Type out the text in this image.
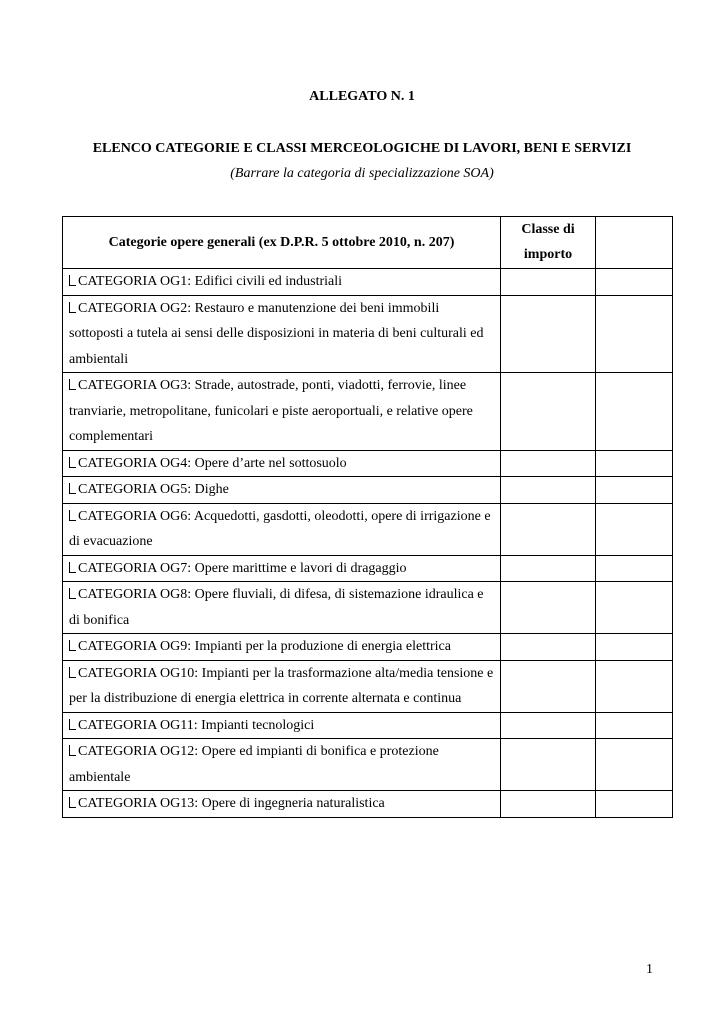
ALLEGATO N. 1
ELENCO CATEGORIE E CLASSI MERCEOLOGICHE DI LAVORI, BENI E SERVIZI

(Barrare la categoria di specializzazione SOA)

Categorie opere generali (ex D.P.R. 5 ottobre 2010, n. 207)	Classe di
importo	
CATEGORIA OG1: Edifici civili ed industriali		
CATEGORIA OG2: Restauro e manutenzione dei beni immobili sottoposti a tutela ai sensi delle disposizioni in materia di beni culturali ed ambientali		
CATEGORIA OG3: Strade, autostrade, ponti, viadotti, ferrovie, linee tranviarie, metropolitane, funicolari e piste aeroportuali, e relative opere complementari		
CATEGORIA OG4: Opere d’arte nel sottosuolo		
CATEGORIA OG5: Dighe		
CATEGORIA OG6: Acquedotti, gasdotti, oleodotti, opere di irrigazione e di evacuazione		
CATEGORIA OG7: Opere marittime e lavori di dragaggio		
CATEGORIA OG8: Opere fluviali, di difesa, di sistemazione idraulica e di bonifica		
CATEGORIA OG9: Impianti per la produzione di energia elettrica		
CATEGORIA OG10: Impianti per la trasformazione alta/media tensione e per la distribuzione di energia elettrica in corrente alternata e continua		
CATEGORIA OG11: Impianti tecnologici		
CATEGORIA OG12: Opere ed impianti di bonifica e protezione ambientale		
CATEGORIA OG13: Opere di ingegneria naturalistica		
1
